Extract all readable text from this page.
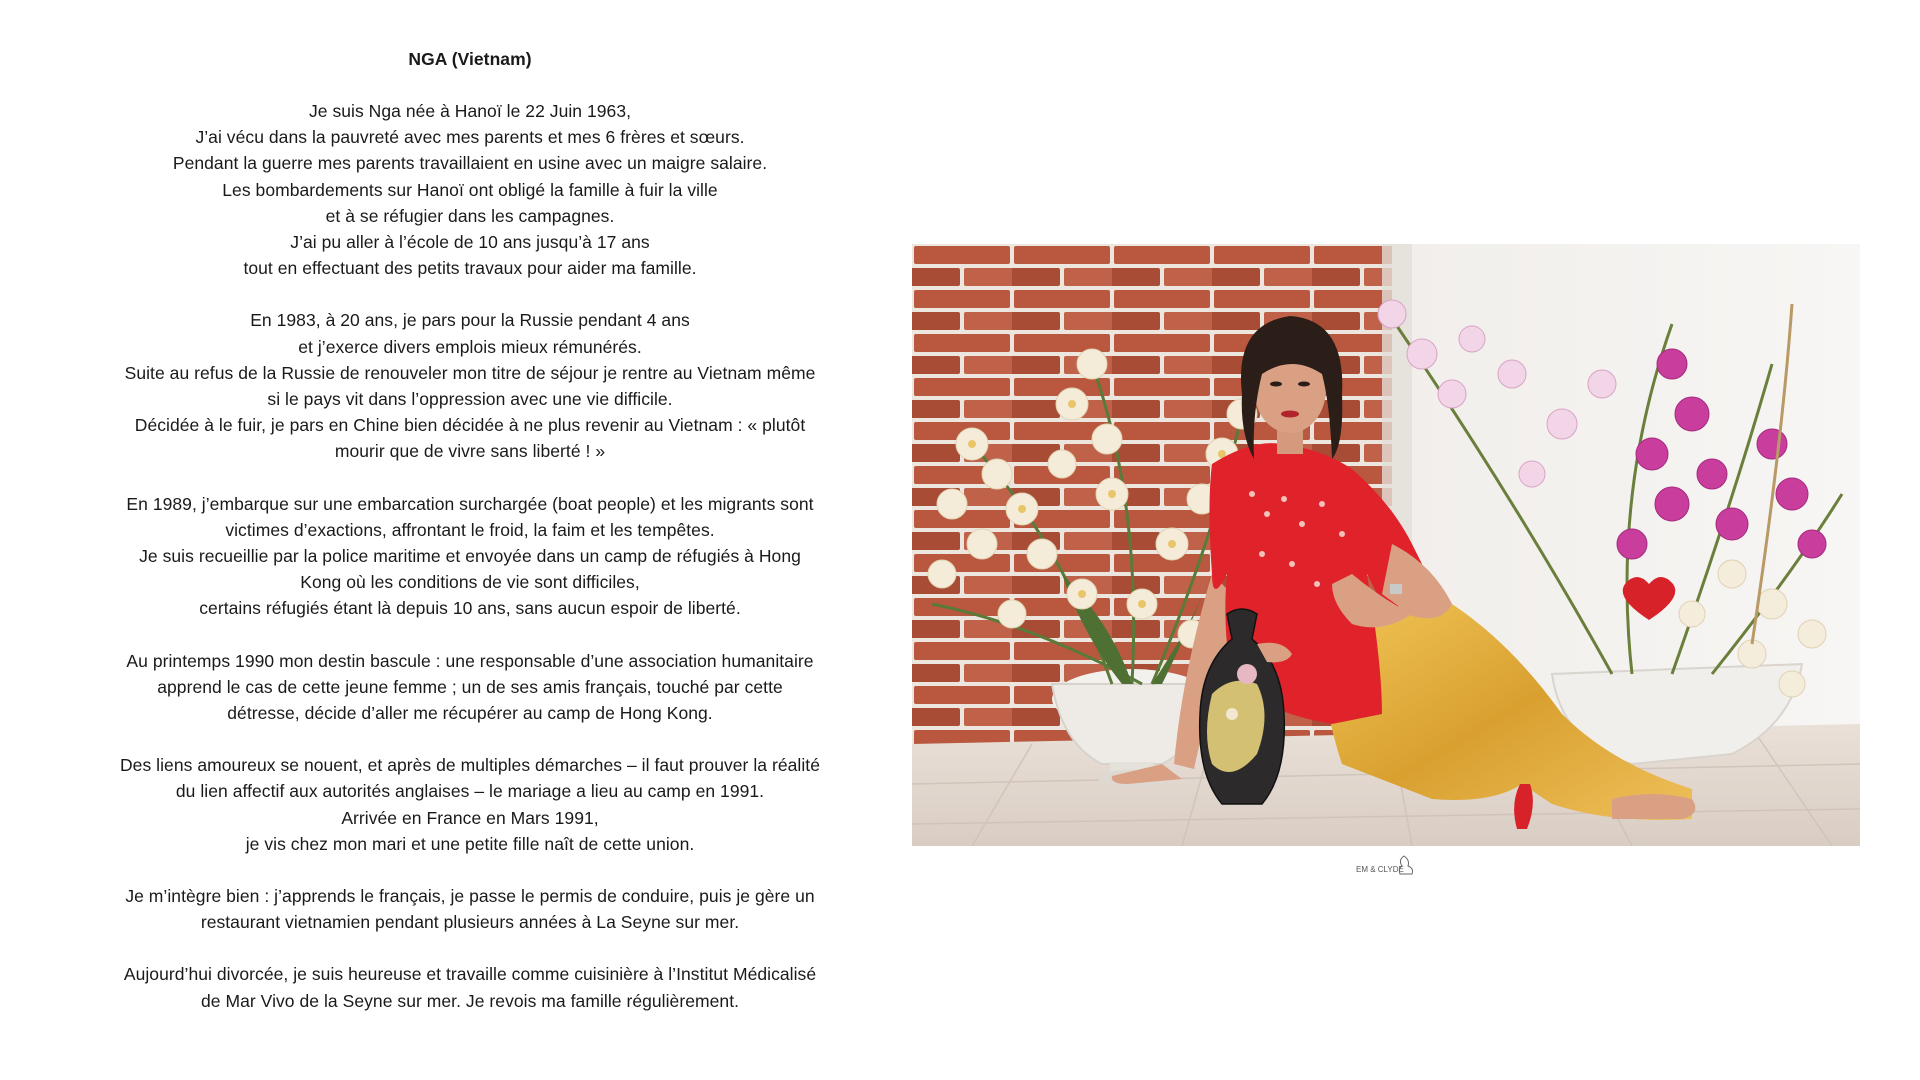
NGA (Vietnam)
Je suis Nga née à Hanoï le 22 Juin 1963,
J’ai vécu dans la pauvreté avec mes parents et mes 6 frères et sœurs.
Pendant la guerre mes parents travaillaient en usine avec un maigre salaire.
Les bombardements sur Hanoï ont obligé la famille à fuir la ville
et à se réfugier dans les campagnes.
J’ai pu aller à l’école de 10 ans jusqu’à 17 ans
tout en effectuant des petits travaux pour aider ma famille.
En 1983, à 20 ans, je pars pour la Russie pendant 4 ans
et j’exerce divers emplois mieux rémunérés.
Suite au refus de la Russie de renouveler mon titre de séjour je rentre au Vietnam même
si le pays vit dans l’oppression avec une vie difficile.
Décidée à le fuir, je pars en Chine bien décidée à ne plus revenir au Vietnam : « plutôt
mourir que de vivre sans liberté ! »
En 1989, j’embarque sur une embarcation surchargée (boat people) et les migrants sont
victimes d’exactions, affrontant le froid, la faim et les tempêtes.
Je suis recueillie par la police maritime et envoyée dans un camp de réfugiés à Hong
Kong où les conditions de vie sont difficiles,
certains réfugiés étant là depuis 10 ans, sans aucun espoir de liberté.
Au printemps 1990 mon destin bascule : une responsable d’une association humanitaire
apprend le cas de cette jeune femme ; un de ses amis français, touché par cette
détresse, décide d’aller me récupérer au camp de Hong Kong.
Des liens amoureux se nouent, et après de multiples démarches – il faut prouver la réalité
du lien affectif aux autorités anglaises – le mariage a lieu au camp en 1991.
Arrivée en France en Mars 1991,
je vis chez mon mari et une petite fille naît de cette union.
Je m’intègre bien : j’apprends le français, je passe le permis de conduire, puis je gère un
restaurant vietnamien pendant plusieurs années à La Seyne sur mer.
Aujourd’hui divorcée, je suis heureuse et travaille comme cuisinière à l’Institut Médicalisé
de Mar Vivo de la Seyne sur mer. Je revois ma famille régulièrement.
EM & CLYDE
